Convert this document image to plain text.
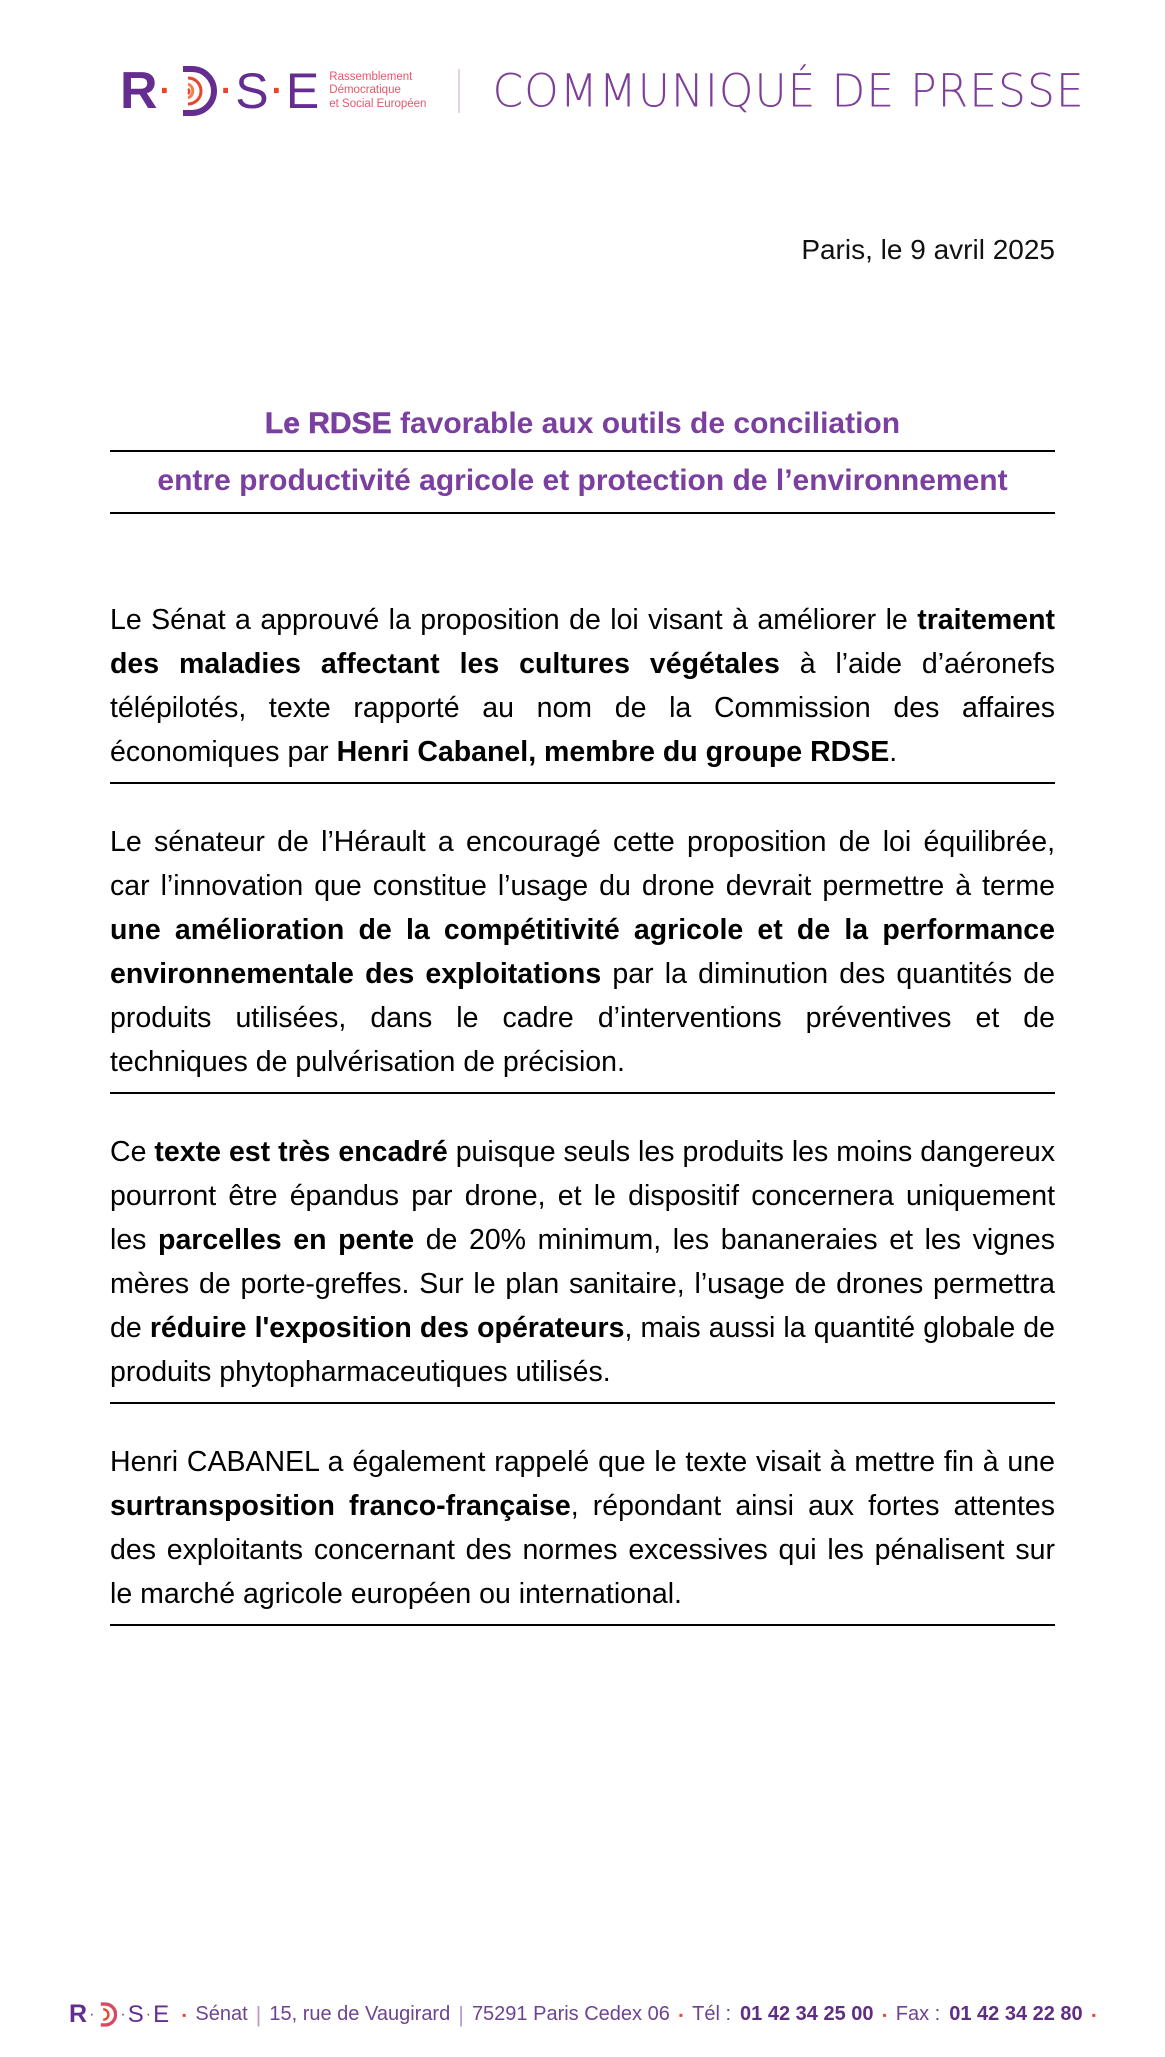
R · · S · E Rassemblement
Démocratique
et Social Européen COMMUNIQUÉ DE PRESSE
Paris, le 9 avril 2025
Le RDSE favorable aux outils de conciliation
entre productivité agricole et protection de l’environnement
Le Sénat a approuvé la proposition de loi visant à améliorer le traitement des maladies affectant les cultures végétales à l’aide d’aéronefs télépilotés, texte rapporté au nom de la Commission des affaires économiques par Henri Cabanel, membre du groupe RDSE.
Le sénateur de l’Hérault a encouragé cette proposition de loi équilibrée, car l’innovation que constitue l’usage du drone devrait permettre à terme une amélioration de la compétitivité agricole et de la performance environnementale des exploitations par la diminution des quantités de produits utilisées, dans le cadre d’interventions préventives et de techniques de pulvérisation de précision.
Ce texte est très encadré puisque seuls les produits les moins dangereux pourront être épandus par drone, et le dispositif concernera uniquement les parcelles en pente de 20% minimum, les bananeraies et les vignes mères de porte-greffes. Sur le plan sanitaire, l’usage de drones permettra de réduire l'exposition des opérateurs, mais aussi la quantité globale de produits phytopharmaceutiques utilisés.
Henri CABANEL a également rappelé que le texte visait à mettre fin à une surtransposition franco-française, répondant ainsi aux fortes attentes des exploitants concernant des normes excessives qui les pénalisent sur le marché agricole européen ou international.
R · · S · E ▪ Sénat | 15, rue de Vaugirard | 75291 Paris Cedex 06 ▪ Tél : 01 42 34 25 00 ▪ Fax : 01 42 34 22 80 ▪
